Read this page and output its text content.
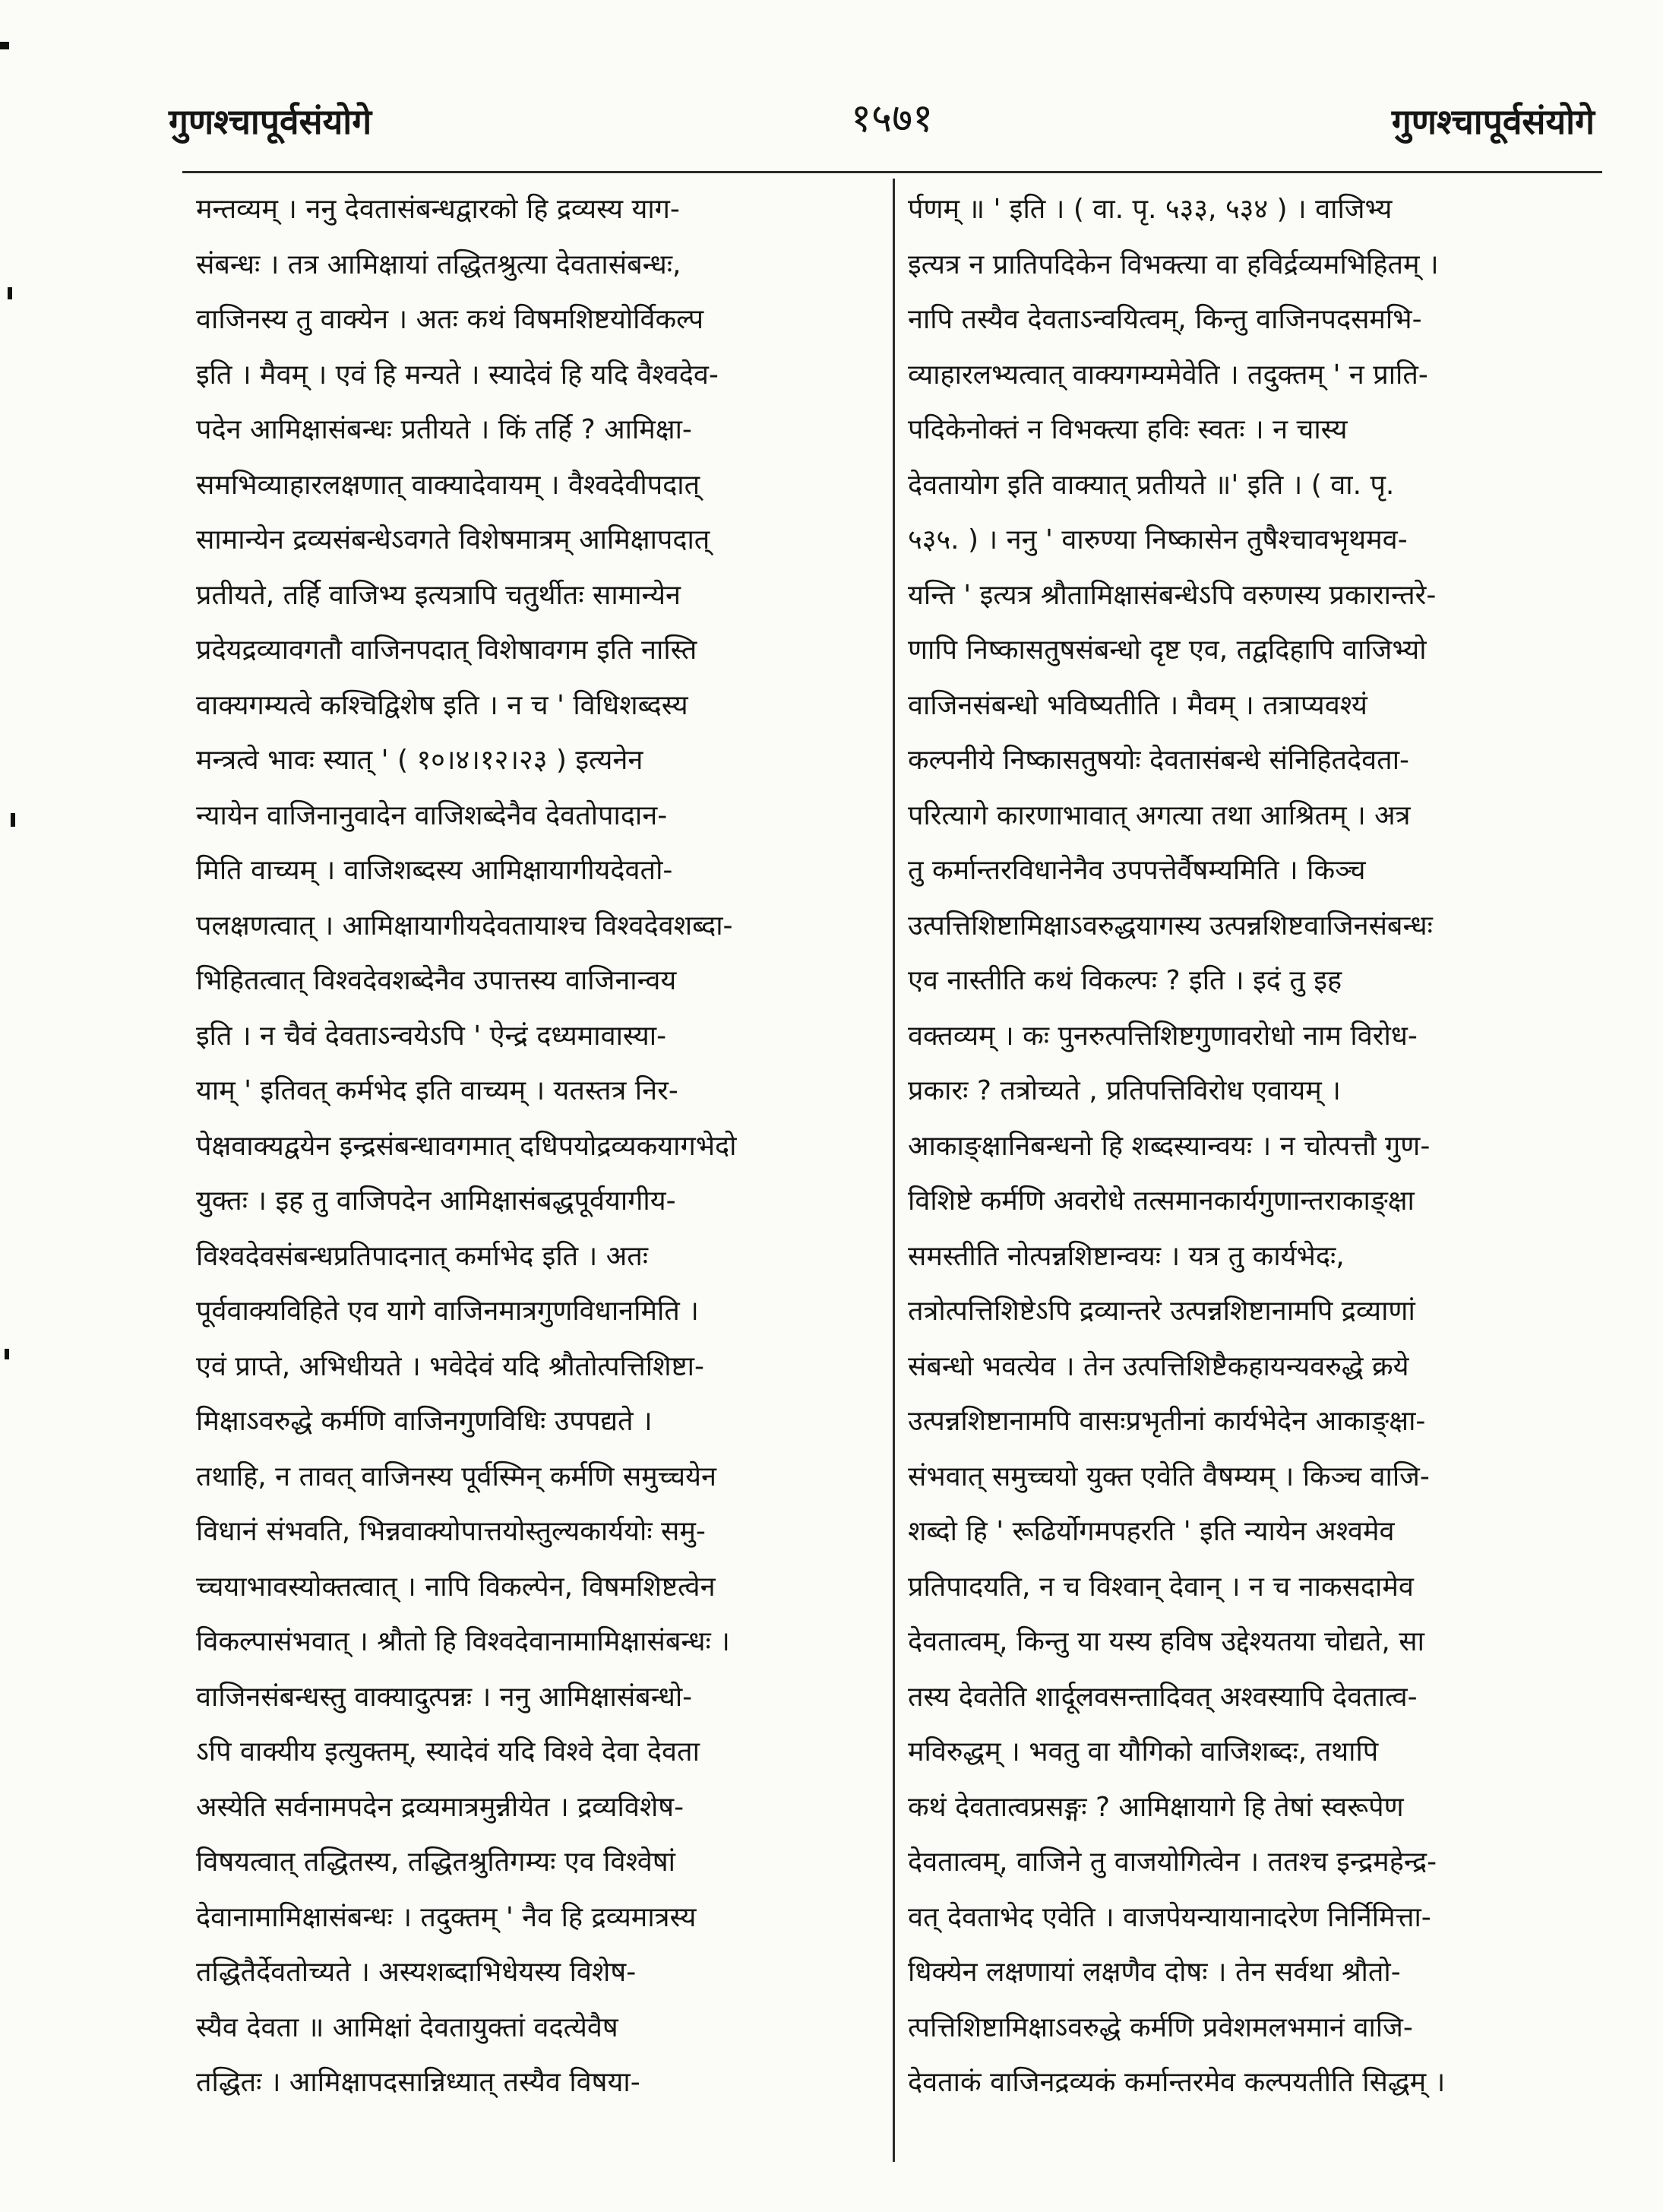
गुणश्चापूर्वसंयोगे	१५७१	गुणश्चापूर्वसंयोगे
मन्तव्यम् । ननु देवतासंबन्धद्वारको हि द्रव्यस्य याग-
संबन्धः । तत्र आमिक्षायां तद्धितश्रुत्या देवतासंबन्धः,
वाजिनस्य तु वाक्येन । अतः कथं विषमशिष्टयोर्विकल्प
इति । मैवम् । एवं हि मन्यते । स्यादेवं हि यदि वैश्वदेव-
पदेन आमिक्षासंबन्धः प्रतीयते । किं तर्हि ? आमिक्षा-
समभिव्याहारलक्षणात् वाक्यादेवायम् । वैश्वदेवीपदात्
सामान्येन द्रव्यसंबन्धेऽवगते विशेषमात्रम् आमिक्षापदात्
प्रतीयते, तर्हि वाजिभ्य इत्यत्रापि चतुर्थीतः सामान्येन
प्रदेयद्रव्यावगतौ वाजिनपदात् विशेषावगम इति नास्ति
वाक्यगम्यत्वे कश्चिद्विशेष इति । न च ' विधिशब्दस्य
मन्त्रत्वे भावः स्यात् ' ( १०।४।१२।२३ ) इत्यनेन
न्यायेन वाजिनानुवादेन वाजिशब्देनैव देवतोपादान-
मिति वाच्यम् । वाजिशब्दस्य आमिक्षायागीयदेवतो-
पलक्षणत्वात् । आमिक्षायागीयदेवतायाश्च विश्वदेवशब्दा-
भिहितत्वात् विश्वदेवशब्देनैव उपात्तस्य वाजिनान्वय
इति । न चैवं देवताऽन्वयेऽपि ' ऐन्द्रं दध्यमावास्या-
याम् ' इतिवत् कर्मभेद इति वाच्यम् । यतस्तत्र निर-
पेक्षवाक्यद्वयेन इन्द्रसंबन्धावगमात् दधिपयोद्रव्यकयागभेदो
युक्तः । इह तु वाजिपदेन आमिक्षासंबद्धपूर्वयागीय-
विश्वदेवसंबन्धप्रतिपादनात् कर्माभेद इति । अतः
पूर्ववाक्यविहिते एव यागे वाजिनमात्रगुणविधानमिति ।
एवं प्राप्ते, अभिधीयते । भवेदेवं यदि श्रौतोत्पत्तिशिष्टा-
मिक्षाऽवरुद्धे कर्मणि वाजिनगुणविधिः उपपद्यते ।
तथाहि, न तावत् वाजिनस्य पूर्वस्मिन् कर्मणि समुच्चयेन
विधानं संभवति, भिन्नवाक्योपात्तयोस्तुल्यकार्ययोः समु-
च्चयाभावस्योक्तत्वात् । नापि विकल्पेन, विषमशिष्टत्वेन
विकल्पासंभवात् । श्रौतो हि विश्वदेवानामामिक्षासंबन्धः ।
वाजिनसंबन्धस्तु वाक्यादुत्पन्नः । ननु आमिक्षासंबन्धो-
ऽपि वाक्यीय इत्युक्तम्, स्यादेवं यदि विश्वे देवा देवता
अस्येति सर्वनामपदेन द्रव्यमात्रमुन्नीयेत । द्रव्यविशेष-
विषयत्वात् तद्धितस्य, तद्धितश्रुतिगम्यः एव विश्वेषां
देवानामामिक्षासंबन्धः । तदुक्तम् ' नैव हि द्रव्यमात्रस्य
तद्धितैर्देवतोच्यते । अस्यशब्दाभिधेयस्य विशेष-
स्यैव देवता ॥ आमिक्षां देवतायुक्तां वदत्येवैष
तद्धितः । आमिक्षापदसान्निध्यात् तस्यैव विषया-
र्पणम् ॥ ' इति । ( वा. पृ. ५३३, ५३४ ) । वाजिभ्य
इत्यत्र न प्रातिपदिकेन विभक्त्या वा हविर्द्रव्यमभिहितम् ।
नापि तस्यैव देवताऽन्वयित्वम्, किन्तु वाजिनपदसमभि-
व्याहारलभ्यत्वात् वाक्यगम्यमेवेति । तदुक्तम् ' न प्राति-
पदिकेनोक्तं न विभक्त्या हविः स्वतः । न चास्य
देवतायोग इति वाक्यात् प्रतीयते ॥' इति । ( वा. पृ.
५३५. ) । ननु ' वारुण्या निष्कासेन तुषैश्चावभृथमव-
यन्ति ' इत्यत्र श्रौतामिक्षासंबन्धेऽपि वरुणस्य प्रकारान्तरे-
णापि निष्कासतुषसंबन्धो दृष्ट एव, तद्वदिहापि वाजिभ्यो
वाजिनसंबन्धो भविष्यतीति । मैवम् । तत्राप्यवश्यं
कल्पनीये निष्कासतुषयोः देवतासंबन्धे संनिहितदेवता-
परित्यागे कारणाभावात् अगत्या तथा आश्रितम् । अत्र
तु कर्मान्तरविधानेनैव उपपत्तेर्वैषम्यमिति । किञ्च
उत्पत्तिशिष्टामिक्षाऽवरुद्धयागस्य उत्पन्नशिष्टवाजिनसंबन्धः
एव नास्तीति कथं विकल्पः ? इति । इदं तु इह
वक्तव्यम् । कः पुनरुत्पत्तिशिष्टगुणावरोधो नाम विरोध-
प्रकारः ? तत्रोच्यते , प्रतिपत्तिविरोध एवायम् ।
आकाङ्क्षानिबन्धनो हि शब्दस्यान्वयः । न चोत्पत्तौ गुण-
विशिष्टे कर्मणि अवरोधे तत्समानकार्यगुणान्तराकाङ्क्षा
समस्तीति नोत्पन्नशिष्टान्वयः । यत्र तु कार्यभेदः,
तत्रोत्पत्तिशिष्टेऽपि द्रव्यान्तरे उत्पन्नशिष्टानामपि द्रव्याणां
संबन्धो भवत्येव । तेन उत्पत्तिशिष्टैकहायन्यवरुद्धे क्रये
उत्पन्नशिष्टानामपि वासःप्रभृतीनां कार्यभेदेन आकाङ्क्षा-
संभवात् समुच्चयो युक्त एवेति वैषम्यम् । किञ्च वाजि-
शब्दो हि ' रूढिर्योगमपहरति ' इति न्यायेन अश्वमेव
प्रतिपादयति, न च विश्वान् देवान् । न च नाकसदामेव
देवतात्वम्, किन्तु या यस्य हविष उद्देश्यतया चोद्यते, सा
तस्य देवतेति शार्दूलवसन्तादिवत् अश्वस्यापि देवतात्व-
मविरुद्धम् । भवतु वा यौगिको वाजिशब्दः, तथापि
कथं देवतात्वप्रसङ्गः ? आमिक्षायागे हि तेषां स्वरूपेण
देवतात्वम्, वाजिने तु वाजयोगित्वेन । ततश्च इन्द्रमहेन्द्र-
वत् देवताभेद एवेति । वाजपेयन्यायानादरेण निर्निमित्ता-
धिक्येन लक्षणायां लक्षणैव दोषः । तेन सर्वथा श्रौतो-
त्पत्तिशिष्टामिक्षाऽवरुद्धे कर्मणि प्रवेशमलभमानं वाजि-
देवताकं वाजिनद्रव्यकं कर्मान्तरमेव कल्पयतीति सिद्धम् ।
